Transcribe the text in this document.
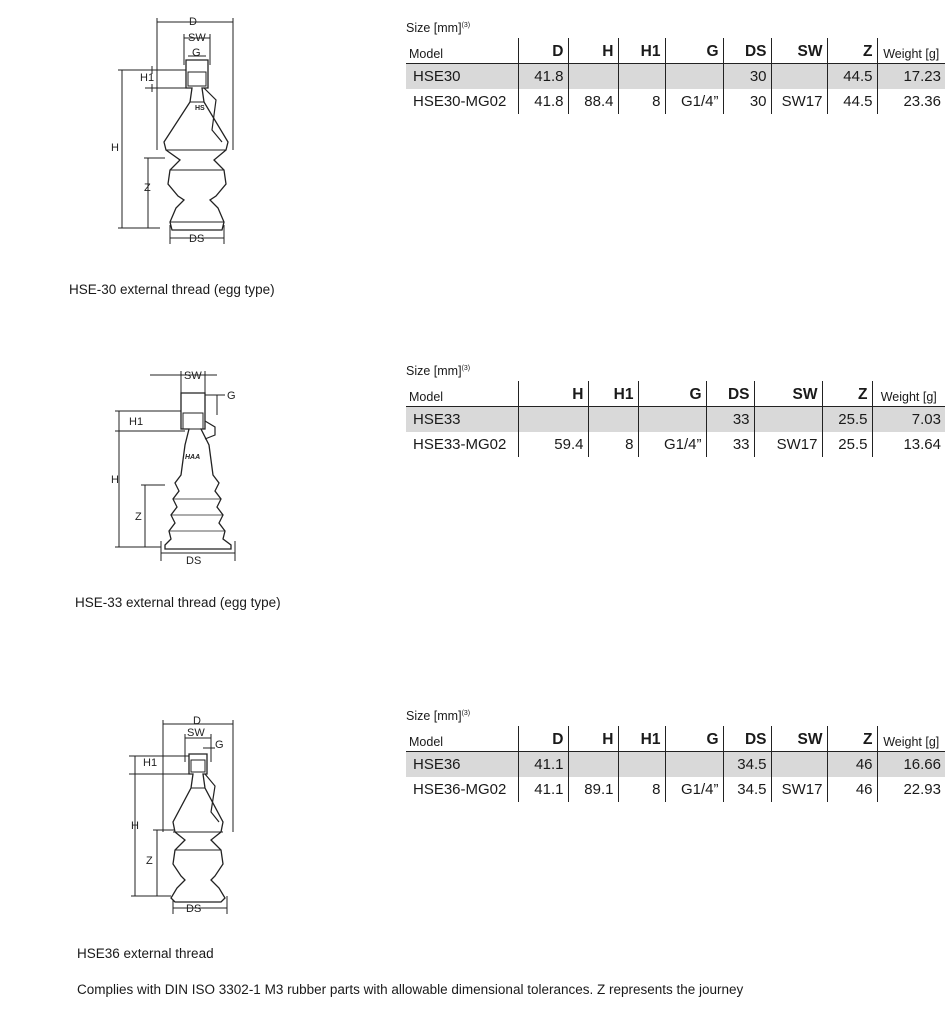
HS
H
Z
D
SW
G
H1
DS
HSE-30 external thread (egg type)
Size [mm]$^{(3)}$
Model	D	H	H1	G	DS	SW	Z	Weight [g]
HSE30	41.8				30		44.5	17.23
HSE30-MG02	41.8	88.4	8	G1/4”	30	SW17	44.5	23.36
HAA
SW
G
H1
H
Z
DS
HSE-33 external thread (egg type)
Size [mm]$^{(3)}$
Model	H	H1	G	DS	SW	Z	Weight [g]
HSE33				33		25.5	7.03
HSE33-MG02	59.4	8	G1/4”	33	SW17	25.5	13.64
D
SW
G
H1
H
Z
DS
HSE36 external thread
Size [mm]$^{(3)}$
Model	D	H	H1	G	DS	SW	Z	Weight [g]
HSE36	41.1				34.5		46	16.66
HSE36-MG02	41.1	89.1	8	G1/4”	34.5	SW17	46	22.93
Complies with DIN ISO 3302-1 M3 rubber parts with allowable dimensional tolerances. Z represents the journey
